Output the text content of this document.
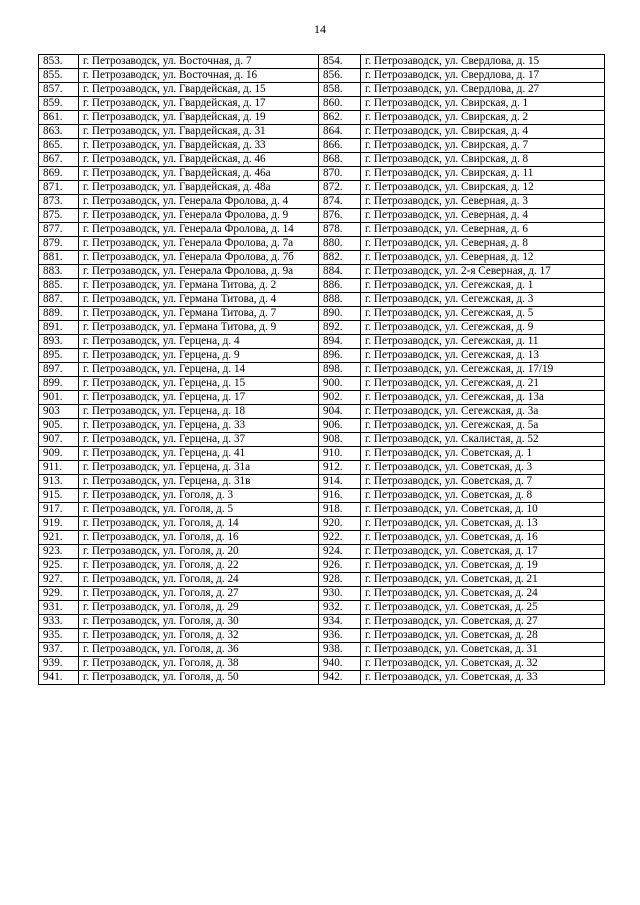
14
853.	г. Петрозаводск, ул. Восточная, д. 7	854.	г. Петрозаводск, ул. Свердлова, д. 15
855.	г. Петрозаводск, ул. Восточная, д. 16	856.	г. Петрозаводск, ул. Свердлова, д. 17
857.	г. Петрозаводск, ул. Гвардейская, д. 15	858.	г. Петрозаводск, ул. Свердлова, д. 27
859.	г. Петрозаводск, ул. Гвардейская, д. 17	860.	г. Петрозаводск, ул. Свирская, д. 1
861.	г. Петрозаводск, ул. Гвардейская, д. 19	862.	г. Петрозаводск, ул. Свирская, д. 2
863.	г. Петрозаводск, ул. Гвардейская, д. 31	864.	г. Петрозаводск, ул. Свирская, д. 4
865.	г. Петрозаводск, ул. Гвардейская, д. 33	866.	г. Петрозаводск, ул. Свирская, д. 7
867.	г. Петрозаводск, ул. Гвардейская, д. 46	868.	г. Петрозаводск, ул. Свирская, д. 8
869.	г. Петрозаводск, ул. Гвардейская, д. 46а	870.	г. Петрозаводск, ул. Свирская, д. 11
871.	г. Петрозаводск, ул. Гвардейская, д. 48а	872.	г. Петрозаводск, ул. Свирская, д. 12
873.	г. Петрозаводск, ул. Генерала Фролова, д. 4	874.	г. Петрозаводск, ул. Северная, д. 3
875.	г. Петрозаводск, ул. Генерала Фролова, д. 9	876.	г. Петрозаводск, ул. Северная, д. 4
877.	г. Петрозаводск, ул. Генерала Фролова, д. 14	878.	г. Петрозаводск, ул. Северная, д. 6
879.	г. Петрозаводск, ул. Генерала Фролова, д. 7а	880.	г. Петрозаводск, ул. Северная, д. 8
881.	г. Петрозаводск, ул. Генерала Фролова, д. 7б	882.	г. Петрозаводск, ул. Северная, д. 12
883.	г. Петрозаводск, ул. Генерала Фролова, д. 9а	884.	г. Петрозаводск, ул. 2-я Северная, д. 17
885.	г. Петрозаводск, ул. Германа Титова, д. 2	886.	г. Петрозаводск, ул. Сегежская, д. 1
887.	г. Петрозаводск, ул. Германа Титова, д. 4	888.	г. Петрозаводск, ул. Сегежская, д. 3
889.	г. Петрозаводск, ул. Германа Титова, д. 7	890.	г. Петрозаводск, ул. Сегежская, д. 5
891.	г. Петрозаводск, ул. Германа Титова, д. 9	892.	г. Петрозаводск, ул. Сегежская, д. 9
893.	г. Петрозаводск, ул. Герцена, д. 4	894.	г. Петрозаводск, ул. Сегежская, д. 11
895.	г. Петрозаводск, ул. Герцена, д. 9	896.	г. Петрозаводск, ул. Сегежская, д. 13
897.	г. Петрозаводск, ул. Герцена, д. 14	898.	г. Петрозаводск, ул. Сегежская, д. 17/19
899.	г. Петрозаводск, ул. Герцена, д. 15	900.	г. Петрозаводск, ул. Сегежская, д. 21
901.	г. Петрозаводск, ул. Герцена, д. 17	902.	г. Петрозаводск, ул. Сегежская, д. 13а
903	г. Петрозаводск, ул. Герцена, д. 18	904.	г. Петрозаводск, ул. Сегежская, д. 3а
905.	г. Петрозаводск, ул. Герцена, д. 33	906.	г. Петрозаводск, ул. Сегежская, д. 5а
907.	г. Петрозаводск, ул. Герцена, д. 37	908.	г. Петрозаводск, ул. Скалистая, д. 52
909.	г. Петрозаводск, ул. Герцена, д. 41	910.	г. Петрозаводск, ул. Советская, д. 1
911.	г. Петрозаводск, ул. Герцена, д. 31а	912.	г. Петрозаводск, ул. Советская, д. 3
913.	г. Петрозаводск, ул. Герцена, д. 31в	914.	г. Петрозаводск, ул. Советская, д. 7
915.	г. Петрозаводск, ул. Гоголя, д. 3	916.	г. Петрозаводск, ул. Советская, д. 8
917.	г. Петрозаводск, ул. Гоголя, д. 5	918.	г. Петрозаводск, ул. Советская, д. 10
919.	г. Петрозаводск, ул. Гоголя, д. 14	920.	г. Петрозаводск, ул. Советская, д. 13
921.	г. Петрозаводск, ул. Гоголя, д. 16	922.	г. Петрозаводск, ул. Советская, д. 16
923.	г. Петрозаводск, ул. Гоголя, д. 20	924.	г. Петрозаводск, ул. Советская, д. 17
925.	г. Петрозаводск, ул. Гоголя, д. 22	926.	г. Петрозаводск, ул. Советская, д. 19
927.	г. Петрозаводск, ул. Гоголя, д. 24	928.	г. Петрозаводск, ул. Советская, д. 21
929.	г. Петрозаводск, ул. Гоголя, д. 27	930.	г. Петрозаводск, ул. Советская, д. 24
931.	г. Петрозаводск, ул. Гоголя, д. 29	932.	г. Петрозаводск, ул. Советская, д. 25
933.	г. Петрозаводск, ул. Гоголя, д. 30	934.	г. Петрозаводск, ул. Советская, д. 27
935.	г. Петрозаводск, ул. Гоголя, д. 32	936.	г. Петрозаводск, ул. Советская, д. 28
937.	г. Петрозаводск, ул. Гоголя, д. 36	938.	г. Петрозаводск, ул. Советская, д. 31
939.	г. Петрозаводск, ул. Гоголя, д. 38	940.	г. Петрозаводск, ул. Советская, д. 32
941.	г. Петрозаводск, ул. Гоголя, д. 50	942.	г. Петрозаводск, ул. Советская, д. 33
